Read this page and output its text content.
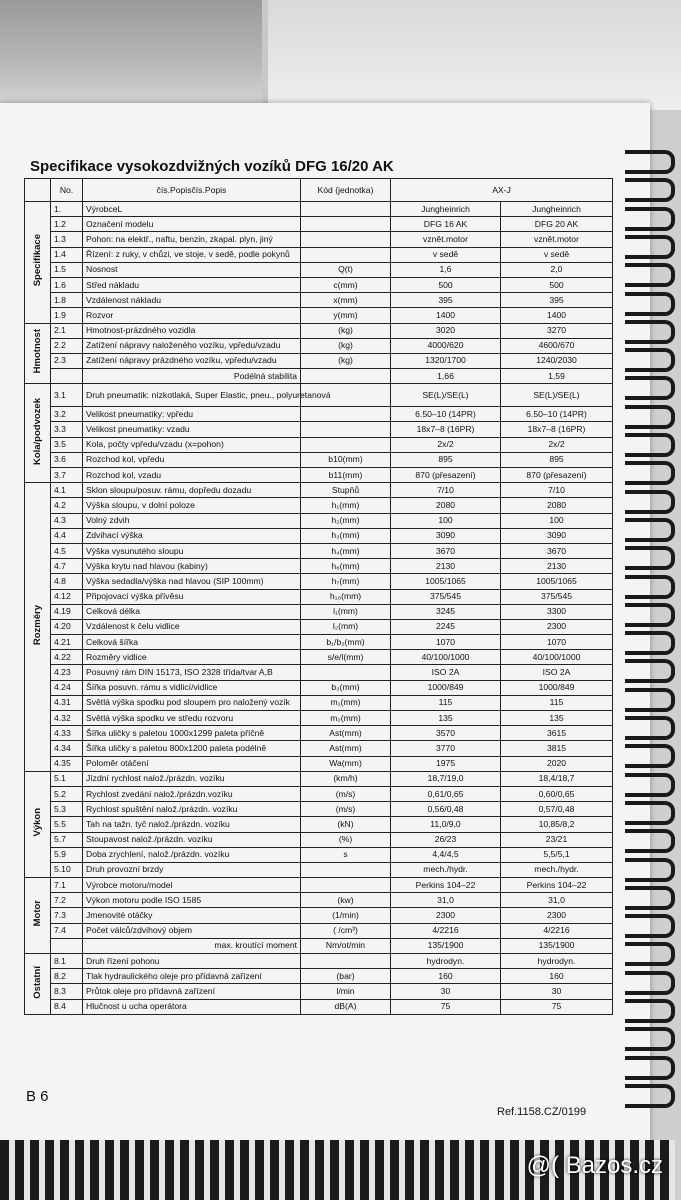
Specifikace vysokozdvižných vozíků DFG 16/20 AK
	No.	čís.Popisčís.Popis	Kód (jednotka)	AX-J	
Specifikace	1.	VýrobceL		Jungheinrich	Jungheinrich
	1.2	Označení modelu		DFG 16 AK	DFG 20 AK
	1.3	Pohon: na elektř., naftu, benzin, zkapal. plyn, jiný		vznět.motor	vznět.motor
	1.4	Řízení: z ruky, v chůzi, ve stoje, v sedě, podle pokynů		v sedě	v sedě
	1.5	Nosnost	Q(t)	1,6	2,0
	1.6	Střed nákladu	c(mm)	500	500
	1.8	Vzdálenost nákladu	x(mm)	395	395
	1.9	Rozvor	y(mm)	1400	1400
Hmotnost	2.1	Hmotnost-prázdného vozidla	(kg)	3020	3270
	2.2	Zatížení nápravy naloženého vozíku, vpředu/vzadu	(kg)	4000/620	4600/670
	2.3	Zatížení nápravy prázdného vozíku, vpředu/vzadu	(kg)	1320/1700	1240/2030
		Podélná stabilita		1,66	1,59
Kola/podvozek	3.1	Druh pneumatik: nízkotlaká, Super Elastic, pneu., polyuretanová		SE(L)/SE(L)	SE(L)/SE(L)
	3.2	Velikost pneumatiky: vpředu		6.50–10 (14PR)	6.50–10 (14PR)
	3.3	Velikost pneumatiky: vzadu		18x7–8 (16PR)	18x7–8 (16PR)
	3.5	Kola, počty vpředu/vzadu (x=pohon)		2x/2	2x/2
	3.6	Rozchod kol, vpředu	b10(mm)	895	895
	3.7	Rozchod kol, vzadu	b11(mm)	870 (přesazení)	870 (přesazení)
Rozměry	4.1	Sklon sloupu/posuv. rámu, dopředu dozadu	Stupňů	7/10	7/10
	4.2	Výška sloupu, v dolní poloze	h₁(mm)	2080	2080
	4.3	Volný zdvih	h₂(mm)	100	100
	4.4	Zdvihací výška	h₃(mm)	3090	3090
	4.5	Výška vysunutého sloupu	h₄(mm)	3670	3670
	4.7	Výška krytu nad hlavou (kabiny)	h₆(mm)	2130	2130
	4.8	Výška sedadla/výška nad hlavou (SIP 100mm)	h₇(mm)	1005/1065	1005/1065
	4.12	Připojovací výška přívěsu	h₁₀(mm)	375/545	375/545
	4.19	Celková délka	l₁(mm)	3245	3300
	4.20	Vzdálenost k čelu vidlice	l₂(mm)	2245	2300
	4.21	Celková šířka	b₁/b₂(mm)	1070	1070
	4.22	Rozměry vidlice	s/e/l(mm)	40/100/1000	40/100/1000
	4.23	Posuvný rám DIN 15173, ISO 2328 třída/tvar A,B		ISO 2A	ISO 2A
	4.24	Šířka posuvn. rámu s vidlicí/vidlice	b₃(mm)	1000/849	1000/849
	4.31	Světlá výška spodku pod sloupem pro naložený vozík	m₁(mm)	115	115
	4.32	Světlá výška spodku ve středu rozvoru	m₂(mm)	135	135
	4.33	Šířka uličky s paletou 1000x1299 paleta příčně	Ast(mm)	3570	3615
	4.34	Šířka uličky s paletou 800x1200 paleta podélně	Ast(mm)	3770	3815
	4.35	Poloměr otáčení	Wa(mm)	1975	2020
Výkon	5.1	Jízdní rychlost nalož./prázdn. vozíku	(km/h)	18,7/19,0	18,4/18,7
	5.2	Rychlost zvedání nalož./prázdn.vozíku	(m/s)	0,61/0,65	0,60/0,65
	5.3	Rychlost spuštění nalož./prázdn. vozíku	(m/s)	0,56/0,48	0,57/0,48
	5.5	Tah na tažn. tyč nalož./prázdn. vozíku	(kN)	11,0/9,0	10,85/8,2
	5.7	Stoupavost nalož./prázdn. vozíku	(%)	26/23	23/21
	5.9	Doba zrychlení, nalož./prázdn. vozíku	s	4,4/4,5	5,5/5,1
	5.10	Druh provozní brzdy		mech./hydr.	mech./hydr.
Motor	7.1	Výrobce motoru/model		Perkins 104–22	Perkins 104–22
	7.2	Výkon motoru podle ISO 1585	(kw)	31,0	31,0
	7.3	Jmenovité otáčky	(1/min)	2300	2300
	7.4	Počet válců/zdvihový objem	( /cm³)	4/2216	4/2216
		max. kroutící moment	Nm/ot/min	135/1900	135/1900
Ostatní	8.1	Druh řízení pohonu		hydrodyn.	hydrodyn.
	8.2	Tlak hydraulického oleje pro přídavná zařízení	(bar)	160	160
	8.3	Průtok oleje pro přídavná zařízení	l/min	30	30
	8.4	Hlučnost u ucha operátora	dB(A)	75	75
B 6
Ref.1158.CZ/0199
@( Bazos.cz
